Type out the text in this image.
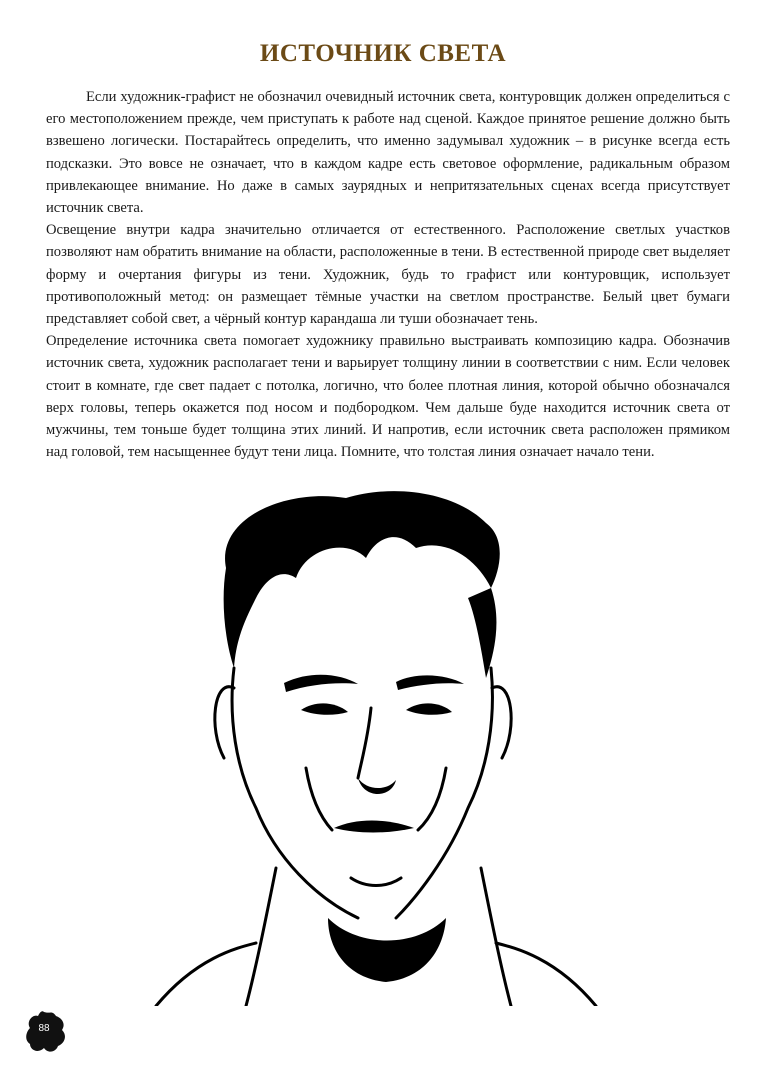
ИСТОЧНИК СВЕТА

Если художник-графист не обозначил очевидный источник света, контуровщик должен определиться с его местоположением прежде, чем приступать к работе над сценой. Каждое принятое решение должно быть взвешено логически. Постарайтесь определить, что именно задумывал художник – в рисунке всегда есть подсказки. Это вовсе не означает, что в каждом кадре есть световое оформление, радикальным образом привлекающее внимание. Но даже в самых заурядных и непритязательных сценах всегда присутствует источник света.

Освещение внутри кадра значительно отличается от естественного. Расположение светлых участков позволяют нам обратить внимание на области, расположенные в тени. В естественной природе свет выделяет форму и очертания фигуры из тени. Художник, будь то графист или контуровщик, использует противоположный метод: он размещает тёмные участки на светлом пространстве. Белый цвет бумаги представляет собой свет, а чёрный контур карандаша ли туши обозначает тень.

Определение источника света помогает художнику правильно выстраивать композицию кадра. Обозначив источник света, художник располагает тени и варьирует толщину линии в соответствии с ним. Если человек стоит в комнате, где свет падает с потолка, логично, что более плотная линия, которой обычно обозначался верх головы, теперь окажется под носом и подбородком. Чем дальше буде находится источник света от мужчины, тем тоньше будет толщина этих линий. И напротив, если источник света расположен прямиком над головой, тем насыщеннее будут тени лица. Помните, что толстая линия означает начало тени.

88
